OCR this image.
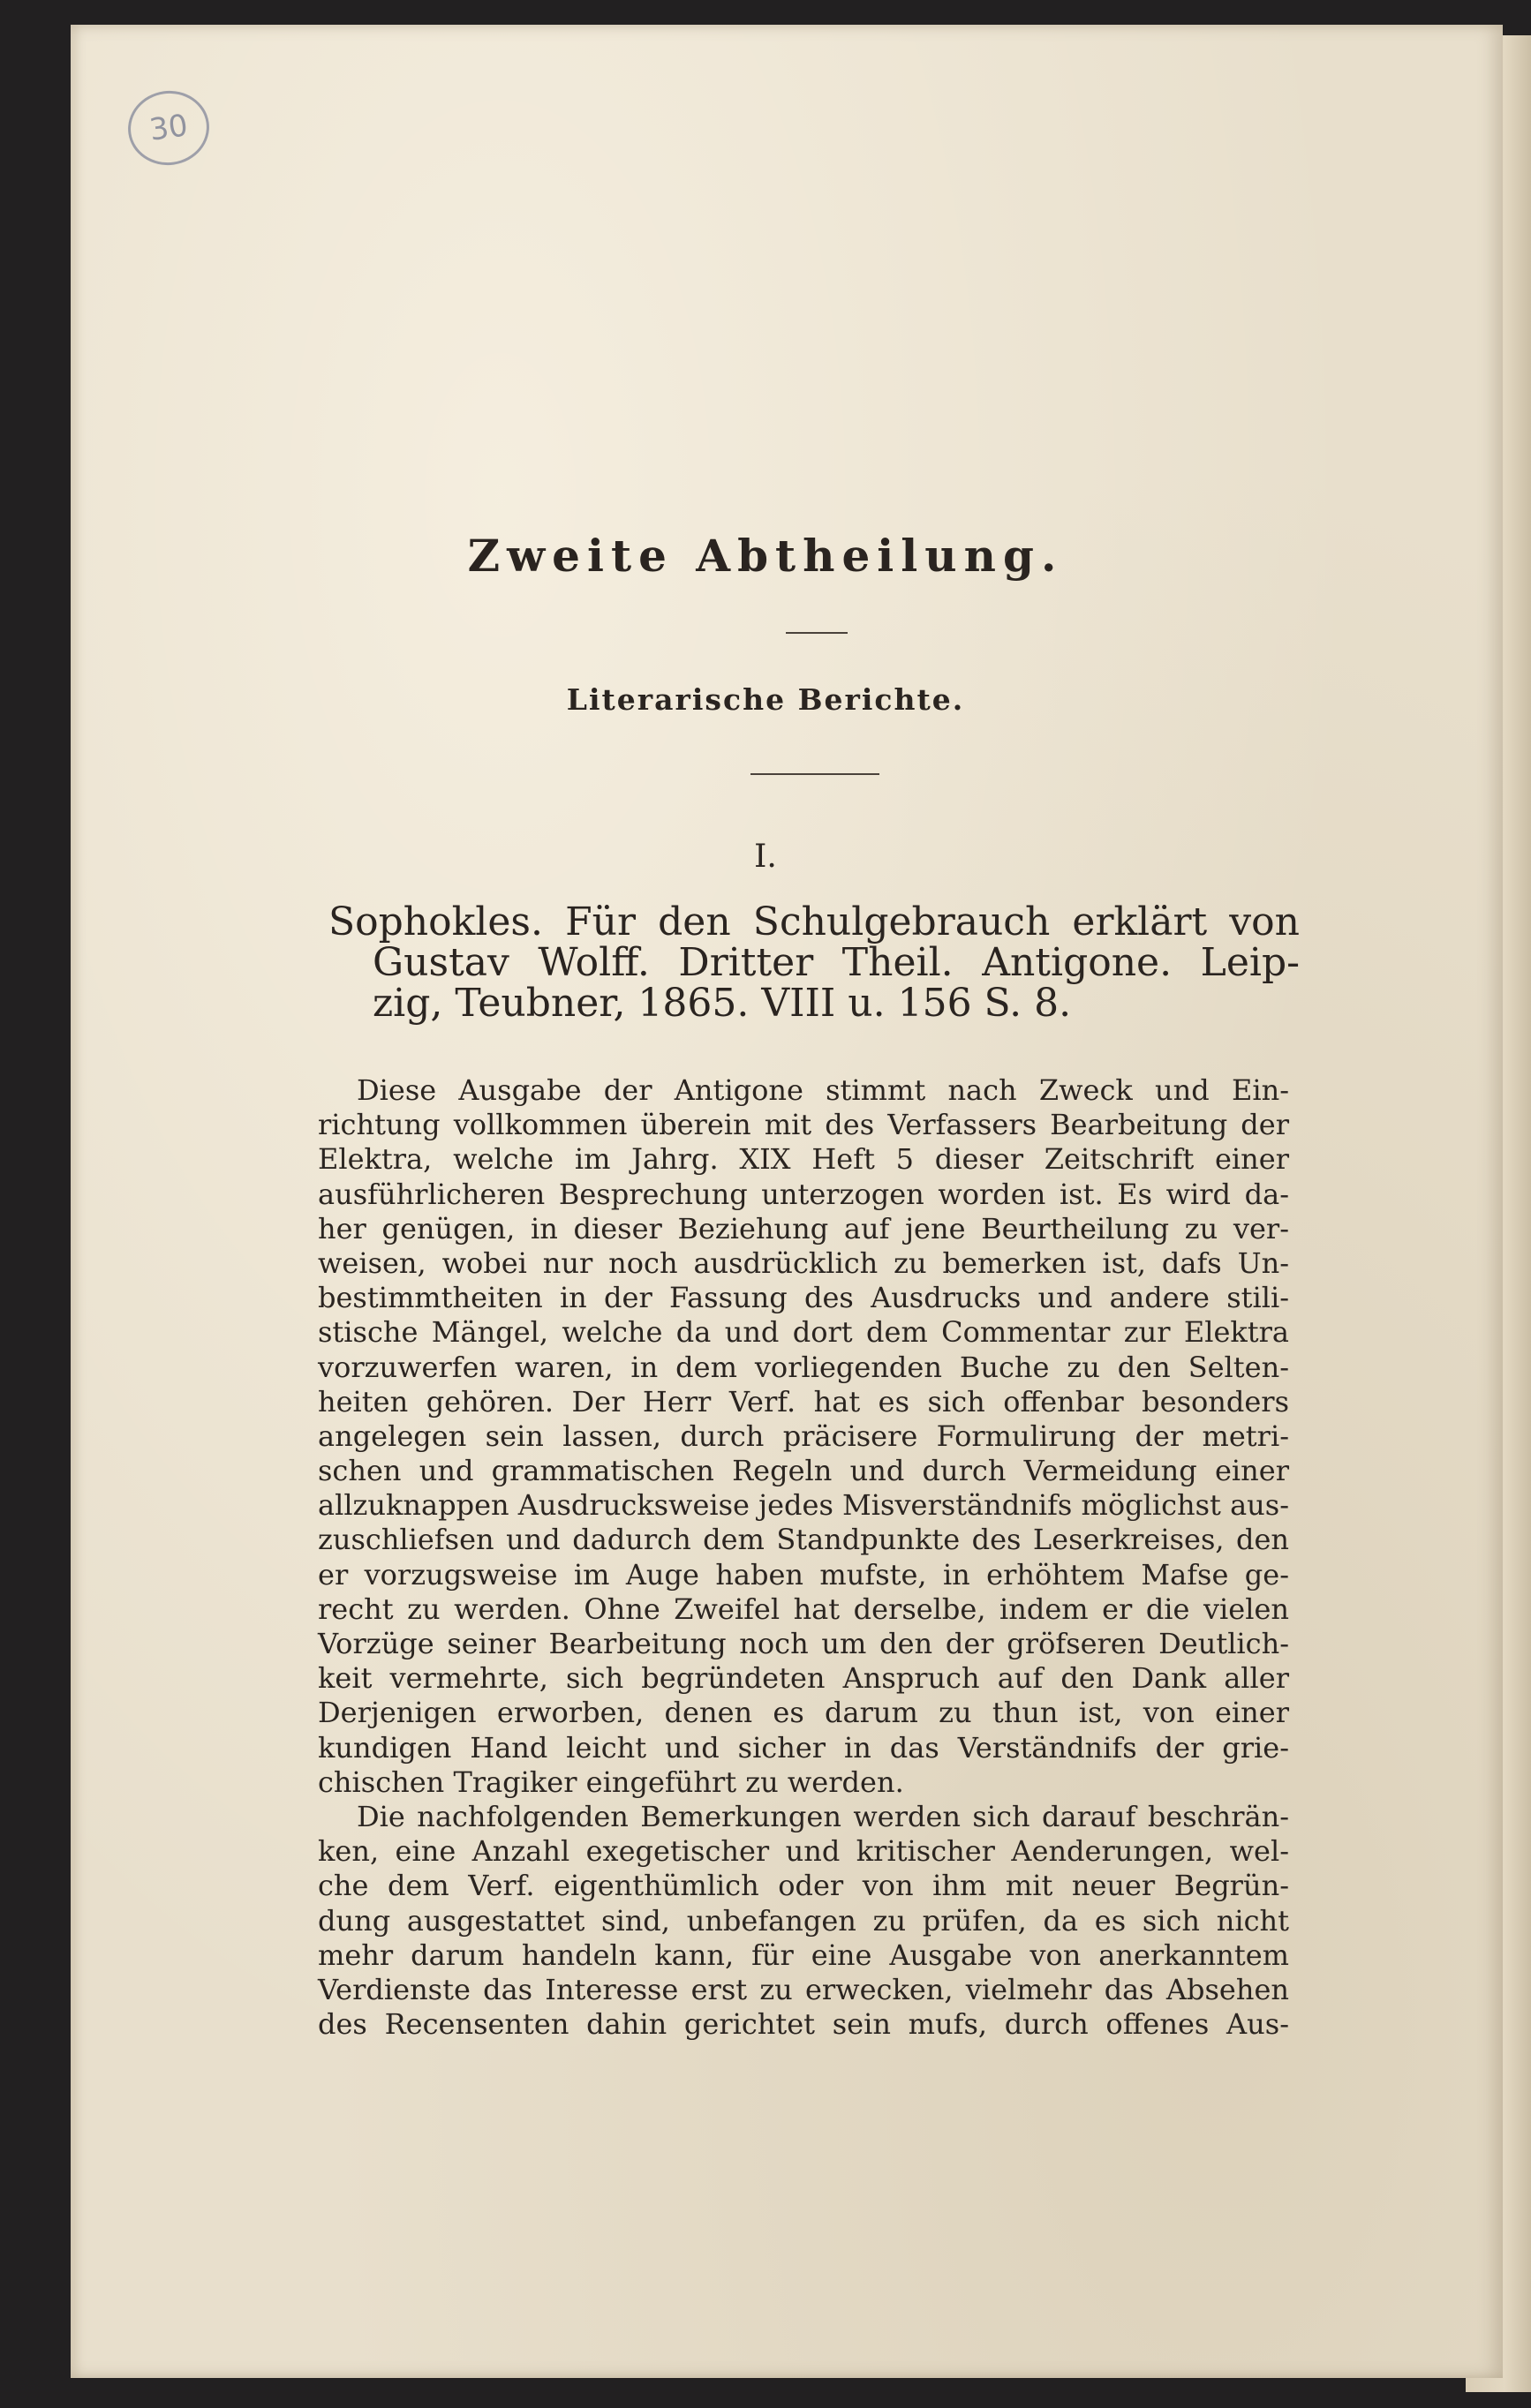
30
Zweite Abtheilung.
Literarische Berichte.
I.
Sophokles. Für den Schulgebrauch erklärt von
Gustav Wolff. Dritter Theil. Antigone. Leip-
zig, Teubner, 1865. VIII u. 156 S. 8.
Diese Ausgabe der Antigone stimmt nach Zweck und Ein-
richtung vollkommen überein mit des Verfassers Bearbeitung der
Elektra, welche im Jahrg. XIX Heft 5 dieser Zeitschrift einer
ausführlicheren Besprechung unterzogen worden ist. Es wird da-
her genügen, in dieser Beziehung auf jene Beurtheilung zu ver-
weisen, wobei nur noch ausdrücklich zu bemerken ist, dafs Un-
bestimmtheiten in der Fassung des Ausdrucks und andere stili-
stische Mängel, welche da und dort dem Commentar zur Elektra
vorzuwerfen waren, in dem vorliegenden Buche zu den Selten-
heiten gehören. Der Herr Verf. hat es sich offenbar besonders
angelegen sein lassen, durch präcisere Formulirung der metri-
schen und grammatischen Regeln und durch Vermeidung einer
allzuknappen Ausdrucksweise jedes Misverständnifs möglichst aus-
zuschliefsen und dadurch dem Standpunkte des Leserkreises, den
er vorzugsweise im Auge haben mufste, in erhöhtem Mafse ge-
recht zu werden. Ohne Zweifel hat derselbe, indem er die vielen
Vorzüge seiner Bearbeitung noch um den der gröfseren Deutlich-
keit vermehrte, sich begründeten Anspruch auf den Dank aller
Derjenigen erworben, denen es darum zu thun ist, von einer
kundigen Hand leicht und sicher in das Verständnifs der grie-
chischen Tragiker eingeführt zu werden.
Die nachfolgenden Bemerkungen werden sich darauf beschrän-
ken, eine Anzahl exegetischer und kritischer Aenderungen, wel-
che dem Verf. eigenthümlich oder von ihm mit neuer Begrün-
dung ausgestattet sind, unbefangen zu prüfen, da es sich nicht
mehr darum handeln kann, für eine Ausgabe von anerkanntem
Verdienste das Interesse erst zu erwecken, vielmehr das Absehen
des Recensenten dahin gerichtet sein mufs, durch offenes Aus-
